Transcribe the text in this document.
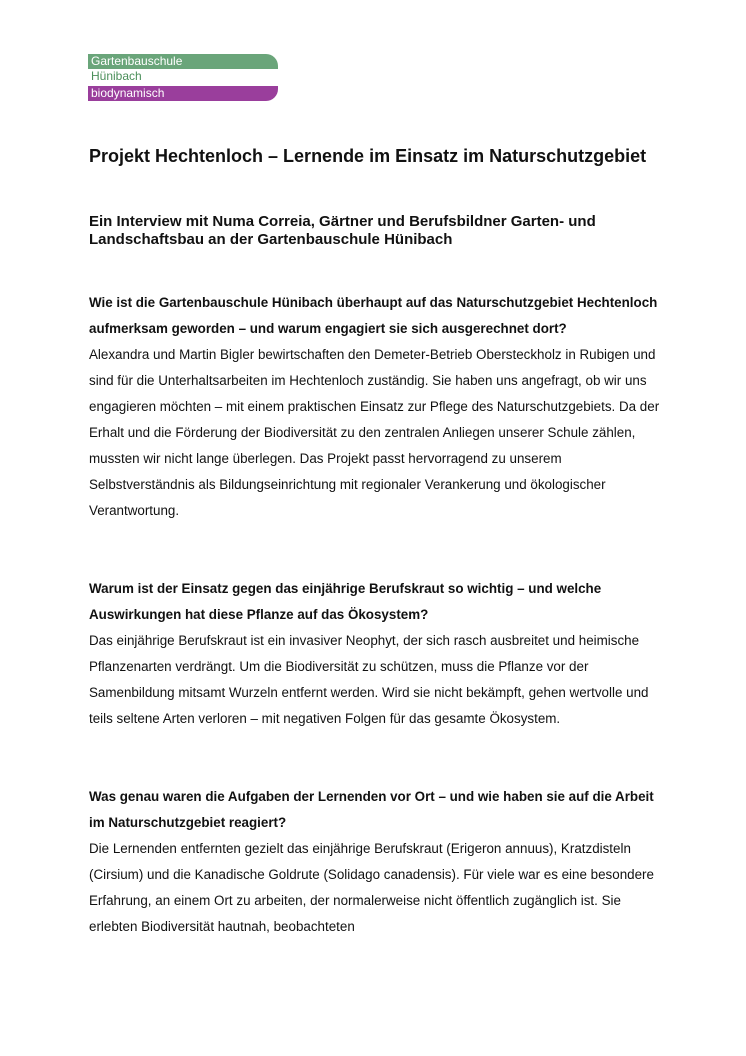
Gartenbauschule
Hünibach
biodynamisch
Projekt Hechtenloch – Lernende im Einsatz im Naturschutzgebiet
Ein Interview mit Numa Correia, Gärtner und Berufsbildner Garten- und Landschaftsbau an der Gartenbauschule Hünibach
Wie ist die Gartenbauschule Hünibach überhaupt auf das Naturschutzgebiet Hechtenloch aufmerksam geworden – und warum engagiert sie sich ausgerechnet dort?
Alexandra und Martin Bigler bewirtschaften den Demeter-Betrieb Obersteckholz in Rubigen und sind für die Unterhaltsarbeiten im Hechtenloch zuständig. Sie haben uns angefragt, ob wir uns engagieren möchten – mit einem praktischen Einsatz zur Pflege des Naturschutzgebiets. Da der Erhalt und die Förderung der Biodiversität zu den zentralen Anliegen unserer Schule zählen, mussten wir nicht lange überlegen. Das Projekt passt hervorragend zu unserem Selbstverständnis als Bildungseinrichtung mit regionaler Verankerung und ökologischer Verantwortung.
Warum ist der Einsatz gegen das einjährige Berufskraut so wichtig – und welche Auswirkungen hat diese Pflanze auf das Ökosystem?
Das einjährige Berufskraut ist ein invasiver Neophyt, der sich rasch ausbreitet und heimische Pflanzenarten verdrängt. Um die Biodiversität zu schützen, muss die Pflanze vor der Samenbildung mitsamt Wurzeln entfernt werden. Wird sie nicht bekämpft, gehen wertvolle und teils seltene Arten verloren – mit negativen Folgen für das gesamte Ökosystem.
Was genau waren die Aufgaben der Lernenden vor Ort – und wie haben sie auf die Arbeit im Naturschutzgebiet reagiert?
Die Lernenden entfernten gezielt das einjährige Berufskraut (Erigeron annuus), Kratzdisteln (Cirsium) und die Kanadische Goldrute (Solidago canadensis). Für viele war es eine besondere Erfahrung, an einem Ort zu arbeiten, der normalerweise nicht öffentlich zugänglich ist. Sie erlebten Biodiversität hautnah, beobachteten
